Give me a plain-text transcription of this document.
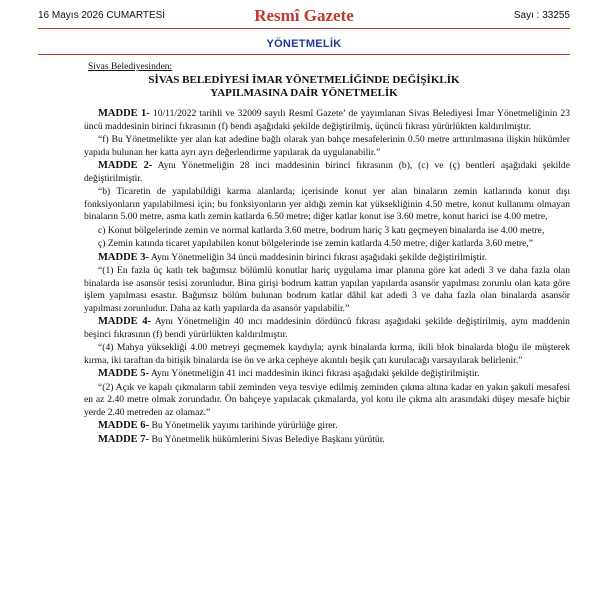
16 Mayıs 2026 CUMARTESİ	Resmî Gazete	Sayı : 33255
YÖNETMELİK
Sivas Belediyesinden:
SİVAS BELEDİYESİ İMAR YÖNETMELİĞİNDE DEĞİŞİKLİK
YAPILMASINA DAİR YÖNETMELİK

MADDE 1- 10/11/2022 tarihli ve 32009 sayılı Resmî Gazete’ de yayımlanan Sivas Belediyesi İmar Yönetmeliğinin 23 üncü maddesinin birinci fıkrasının (f) bendi aşağıdaki şekilde değiştirilmiş, üçüncü fıkrası yürürlükten kaldırılmıştır.

“f) Bu Yönetmelikte yer alan kat adedine bağlı olarak yan bahçe mesafelerinin 0.50 metre arttırılmasına ilişkin hükümler yapıda bulunan her katta ayrı ayrı değerlendirme yapılarak da uygulanabilir.”

MADDE 2- Aynı Yönetmeliğin 28 inci maddesinin birinci fıkrasının (b), (c) ve (ç) bentleri aşağıdaki şekilde değiştirilmiştir.

“b) Ticaretin de yapılabildiği karma alanlarda; içerisinde konut yer alan binaların zemin katlarında konut dışı fonksiyonların yapılabilmesi için; bu fonksiyonların yer aldığı zemin kat yüksekliğinin 4.50 metre, konut kullanımı olmayan binaların 5.00 metre, asma katlı zemin katlarda 6.50 metre; diğer katlar konut ise 3.60 metre, konut harici ise 4.00 metre,

c) Konut bölgelerinde zemin ve normal katlarda 3.60 metre, bodrum hariç 3 katı geçmeyen binalarda ise 4.00 metre,

ç) Zemin katında ticaret yapılabilen konut bölgelerinde ise zemin katlarda 4.50 metre, diğer katlarda 3.60 metre,”

MADDE 3- Aynı Yönetmeliğin 34 üncü maddesinin birinci fıkrası aşağıdaki şekilde değiştirilmiştir.

“(1) En fazla üç katlı tek bağımsız bölümlü konutlar hariç uygulama imar planına göre kat adedi 3 ve daha fazla olan binalarda ise asansör tesisi zorunludur. Bina girişi bodrum kattan yapılan yapılarda asansör yapılması zorunlu olan kata göre işlem yapılması esastır. Bağımsız bölüm bulunan bodrum katlar dâhil kat adedi 3 ve daha fazla olan binalarda asansör yapılması zorunludur. Daha az katlı yapılarda da asansör yapılabilir.”

MADDE 4- Aynı Yönetmeliğin 40 ıncı maddesinin dördüncü fıkrası aşağıdaki şekilde değiştirilmiş, aynı maddenin beşinci fıkrasının (f) bendi yürürlükten kaldırılmıştır.

“(4) Mahya yüksekliği 4.00 metreyi geçmemek kaydıyla; ayrık binalarda kırma, ikili blok binalarda bloğu ile müşterek kırma, iki taraftan da bitişik binalarda ise ön ve arka cepheye akıntılı beşik çatı kurulacağı varsayılarak belirlenir.”

MADDE 5- Aynı Yönetmeliğin 41 inci maddesinin ikinci fıkrası aşağıdaki şekilde değiştirilmiştir.

“(2) Açık ve kapalı çıkmaların tabii zeminden veya tesviye edilmiş zeminden çıkma altına kadar en yakın şakuli mesafesi en az 2.40 metre olmak zorundadır. Ön bahçeye yapılacak çıkmalarda, yol kotu ile çıkma altı arasındaki düşey mesafe hiçbir yerde 2.40 metreden az olamaz.”

MADDE 6- Bu Yönetmelik yayımı tarihinde yürürlüğe girer.

MADDE 7- Bu Yönetmelik hükümlerini Sivas Belediye Başkanı yürütür.
